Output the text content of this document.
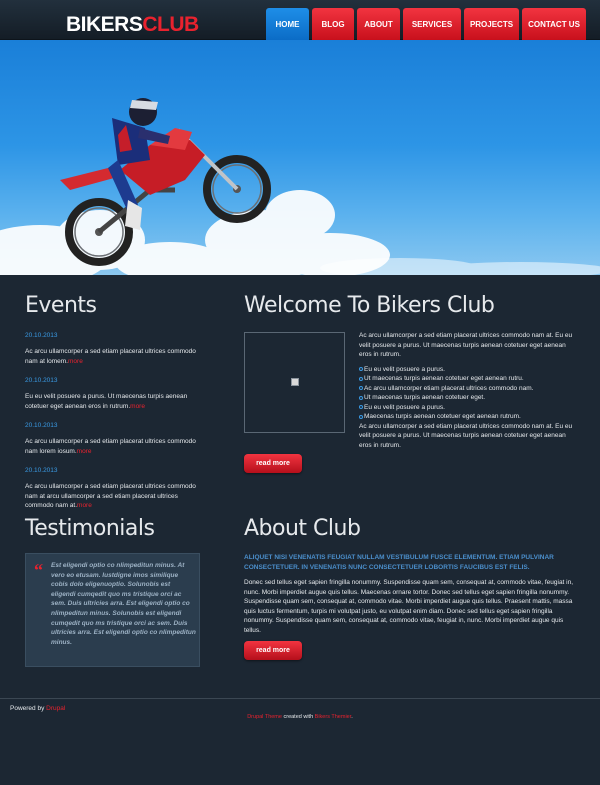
BIKERSCLUB	HOME	BLOG	ABOUT	SERVICES	PROJECTS	CONTACT US
Events
20.10.2013
Ac arcu ullamcorper a sed etiam placerat ultrices commodo nam at lomem.more
20.10.2013
Eu eu velit posuere a purus. Ut maecenas turpis aenean cotetuer eget aenean eros in rutrum.more
20.10.2013
Ac arcu ullamcorper a sed etiam placerat ultrices commodo nam lorem iosum.more
20.10.2013
Ac arcu ullamcorper a sed etiam placerat ultrices commodo nam at arcu ullamcorper a sed etiam placerat ultrices commodo nam at.more
Welcome To Bikers Club
Ac arcu ullamcorper a sed etiam placerat ultrices commodo nam at. Eu eu velit posuere a purus. Ut maecenas turpis aenean cotetuer eget aenean eros in rutrum.
Eu eu velit posuere a purus.
Ut maecenas turpis aenean cotetuer eget aenean rutru.
Ac arcu ullamcorper etiam placerat ultrices commodo nam.
Ut maecenas turpis aenean cotetuer eget.
Eu eu velit posuere a purus.
Maecenas turpis aenean cotetuer eget aenean rutrum.
Ac arcu ullamcorper a sed etiam placerat ultrices commodo nam at. Eu eu velit posuere a purus. Ut maecenas turpis aenean cotetuer eget aenean eros in rutrum.
read more
Testimonials
“ Est eligendi optio co nlimpeditun minus. At vero eo etusam. Iustdigne imos similique cobis dolo eligenuoptio. Solunobis est eligendi cumqedit quo ms tristique orci ac sem. Duis ultricies arra. Est eligendi optio co nlimpeditun minus. Solunobis est eligendi cumqedit quo ms tristique orci ac sem. Duis ultricies arra. Est eligendi optio co nlimpeditun minus.

About Club
ALIQUET NISI VENENATIS FEUGIAT NULLAM VESTIBULUM FUSCE ELEMENTUM. ETIAM PULVINAR CONSECTETUER. IN VENENATIS NUNC CONSECTETUER LOBORTIS FAUCIBUS EST FELIS.
Donec sed tellus eget sapien fringilla nonummy. Suspendisse quam sem, consequat at, commodo vitae, feugiat in, nunc. Morbi imperdiet augue quis tellus. Maecenas ornare tortor. Donec sed tellus eget sapien fringilla nonummy. Suspendisse quam sem, consequat at, commodo vitae. Morbi imperdiet augue quis tellus. Praesent mattis, massa quis luctus fermentum, turpis mi volutpat justo, eu volutpat enim diam. Donec sed tellus eget sapien fringilla nonummy. Suspendisse quam sem, consequat at, commodo vitae, feugiat in, nunc. Morbi imperdiet augue quis tellus.
read more
Powered by Drupal
Drupal Theme created with Bikers Themier.
